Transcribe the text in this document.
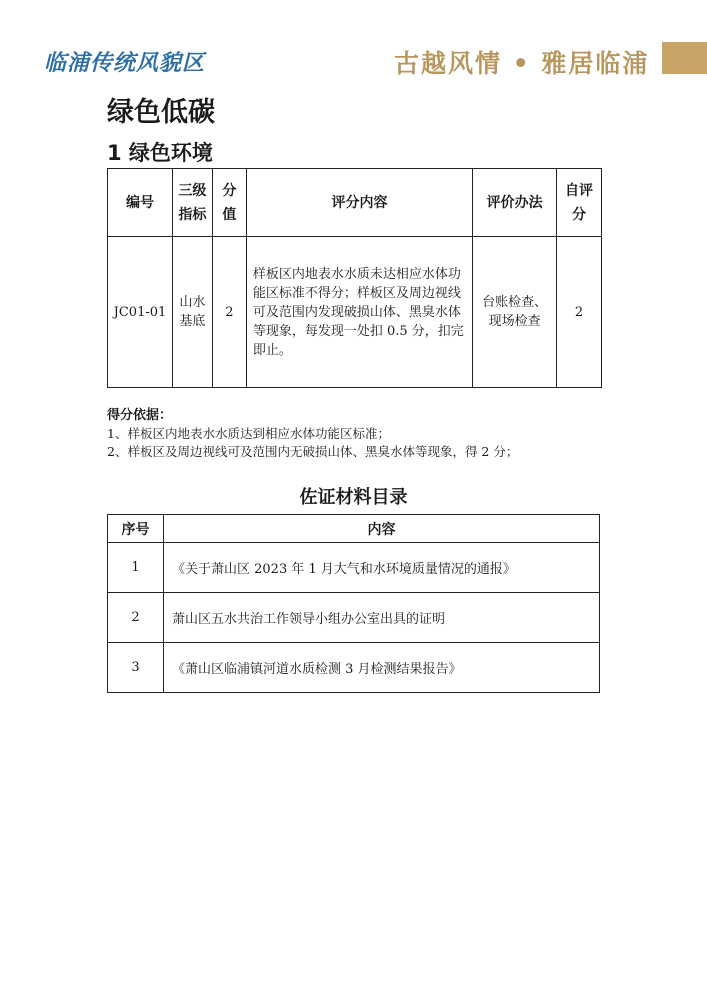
临浦传统风貌区	古越风情 • 雅居临浦
绿色低碳
1 绿色环境
编号	三级指标	分值	评分内容	评价办法	自评分
JC01-01	山水基底	2	样板区内地表水水质未达相应水体功能区标准不得分；样板区及周边视线可及范围内发现破损山体、黑臭水体等现象，每发现一处扣 0.5 分，扣完即止。	台账检查、现场检查	2
得分依据：
1、样板区内地表水水质达到相应水体功能区标准；
2、样板区及周边视线可及范围内无破损山体、黑臭水体等现象，得 2 分；
佐证材料目录
序号	内容
1	《关于萧山区 2023 年 1 月大气和水环境质量情况的通报》
2	萧山区五水共治工作领导小组办公室出具的证明
3	《萧山区临浦镇河道水质检测 3 月检测结果报告》
